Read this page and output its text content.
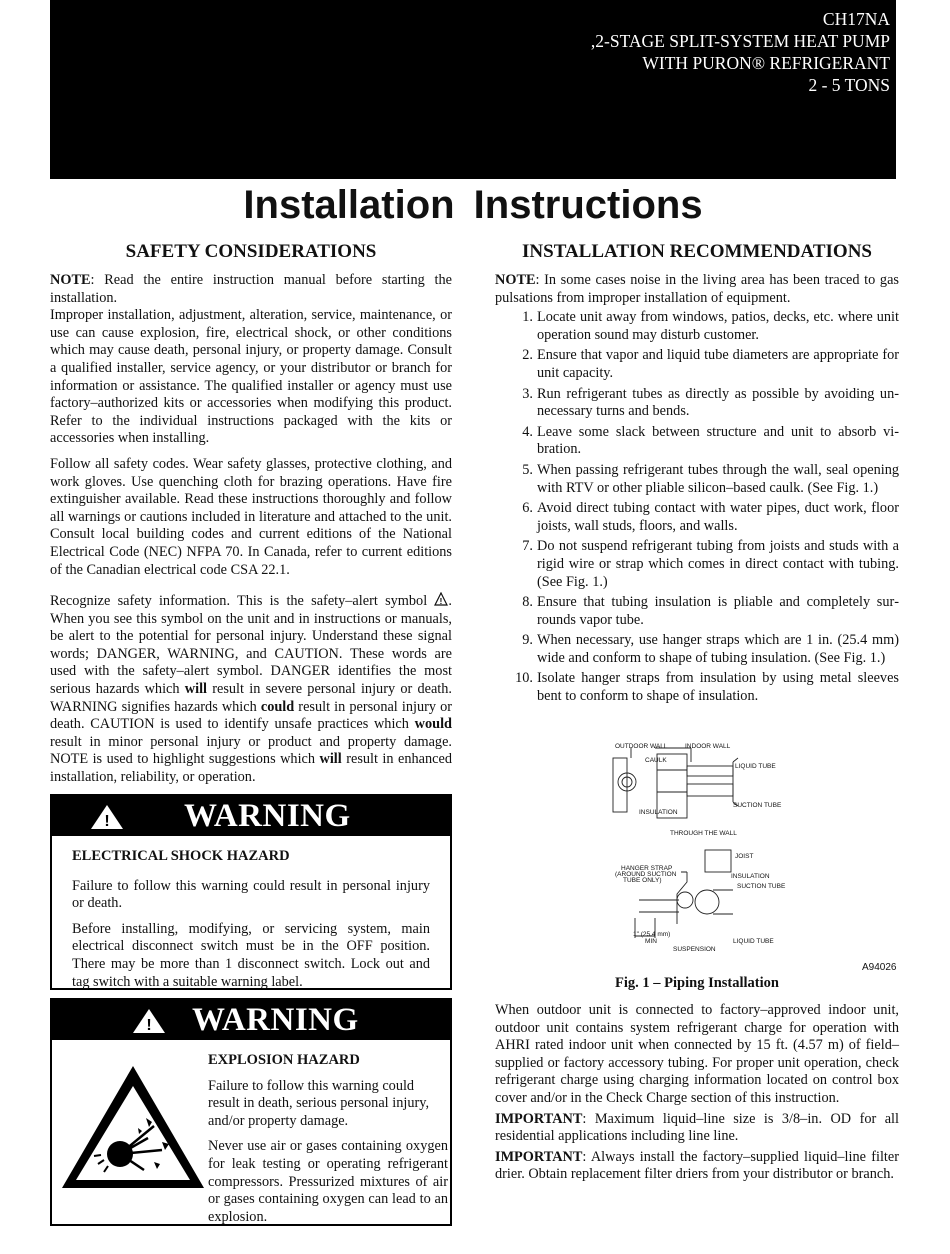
CH17NA
,2-STAGE SPLIT-SYSTEM HEAT PUMP
WITH PURON® REFRIGERANT
2 - 5 TONS
Installation Instructions
SAFETY CONSIDERATIONS

NOTE: Read the entire instruction manual before starting the installation.

Improper installation, adjustment, alteration, service, maintenance, or use can cause explosion, fire, electrical shock, or other conditions which may cause death, personal injury, or property damage. Consult a qualified installer, service agency, or your distributor or branch for information or assistance. The qualified installer or agency must use factory–authorized kits or accessories when modifying this product. Refer to the individual instructions packaged with the kits or accessories when installing.

Follow all safety codes. Wear safety glasses, protective clothing, and work gloves. Use quenching cloth for brazing operations. Have fire extinguisher available. Read these instructions thoroughly and follow all warnings or cautions included in literature and attached to the unit. Consult local building codes and current editions of the National Electrical Code (NEC) NFPA 70. In Canada, refer to current editions of the Canadian electrical code CSA 22.1.

Recognize safety information. This is the safety–alert symbol ! . When you see this symbol on the unit and in instructions or manuals, be alert to the potential for personal injury. Understand these signal words; DANGER, WARNING, and CAUTION. These words are used with the safety–alert symbol. DANGER identifies the most serious hazards which will result in severe personal injury or death. WARNING signifies hazards which could result in personal injury or death. CAUTION is used to identify unsafe practices which would result in minor personal injury or product and property damage. NOTE is used to highlight suggestions which will result in enhanced installation, reliability, or operation.

! WARNING

ELECTRICAL SHOCK HAZARD

Failure to follow this warning could result in personal injury or death.

Before installing, modifying, or servicing system, main electrical disconnect switch must be in the OFF position. There may be more than 1 disconnect switch. Lock out and tag switch with a suitable warning label.

! WARNING

EXPLOSION HAZARD

Failure to follow this warning could result in death, serious personal injury, and/or property damage.

Never use air or gases containing oxygen for leak testing or operating refrigerant compressors. Pressurized mixtures of air or gases containing oxygen can lead to an explosion.

INSTALLATION RECOMMENDATIONS

NOTE: In some cases noise in the living area has been traced to gas pulsations from improper installation of equipment.

1. Locate unit away from windows, patios, decks, etc. where unit operation sound may disturb customer.
2. Ensure that vapor and liquid tube diameters are appropriate for unit capacity.
3. Run refrigerant tubes as directly as possible by avoiding unnecessary turns and bends.
4. Leave some slack between structure and unit to absorb vibration.
5. When passing refrigerant tubes through the wall, seal opening with RTV or other pliable silicon–based caulk. (See Fig. 1.)
6. Avoid direct tubing contact with water pipes, duct work, floor joists, wall studs, floors, and walls.
7. Do not suspend refrigerant tubing from joists and studs with a rigid wire or strap which comes in direct contact with tubing.(See Fig. 1.)
8. Ensure that tubing insulation is pliable and completely surrounds vapor tube.
9. When necessary, use hanger straps which are 1 in. (25.4 mm) wide and conform to shape of tubing insulation. (See Fig. 1.)
10. Isolate hanger straps from insulation by using metal sleeves bent to conform to shape of insulation.
OUTDOOR WALL	INDOOR WALL
CAULK
LIQUID TUBE
SUCTION TUBE
INSULATION
THROUGH THE WALL
JOIST
HANGER STRAP
(AROUND SUCTION
TUBE ONLY)
INSULATION
SUCTION TUBE
1" (25.4 mm)
MIN
SUSPENSION
LIQUID TUBE
A94026
Fig. 1 – Piping Installation

When outdoor unit is connected to factory–approved indoor unit, outdoor unit contains system refrigerant charge for operation with AHRI rated indoor unit when connected by 15 ft. (4.57 m) of field–supplied or factory accessory tubing. For proper unit operation, check refrigerant charge using charging information located on control box cover and/or in the Check Charge section of this instruction.

IMPORTANT: Maximum liquid–line size is 3/8–in. OD for all residential applications including line line.

IMPORTANT: Always install the factory–supplied liquid–line filter drier. Obtain replacement filter driers from your distributor or branch.
